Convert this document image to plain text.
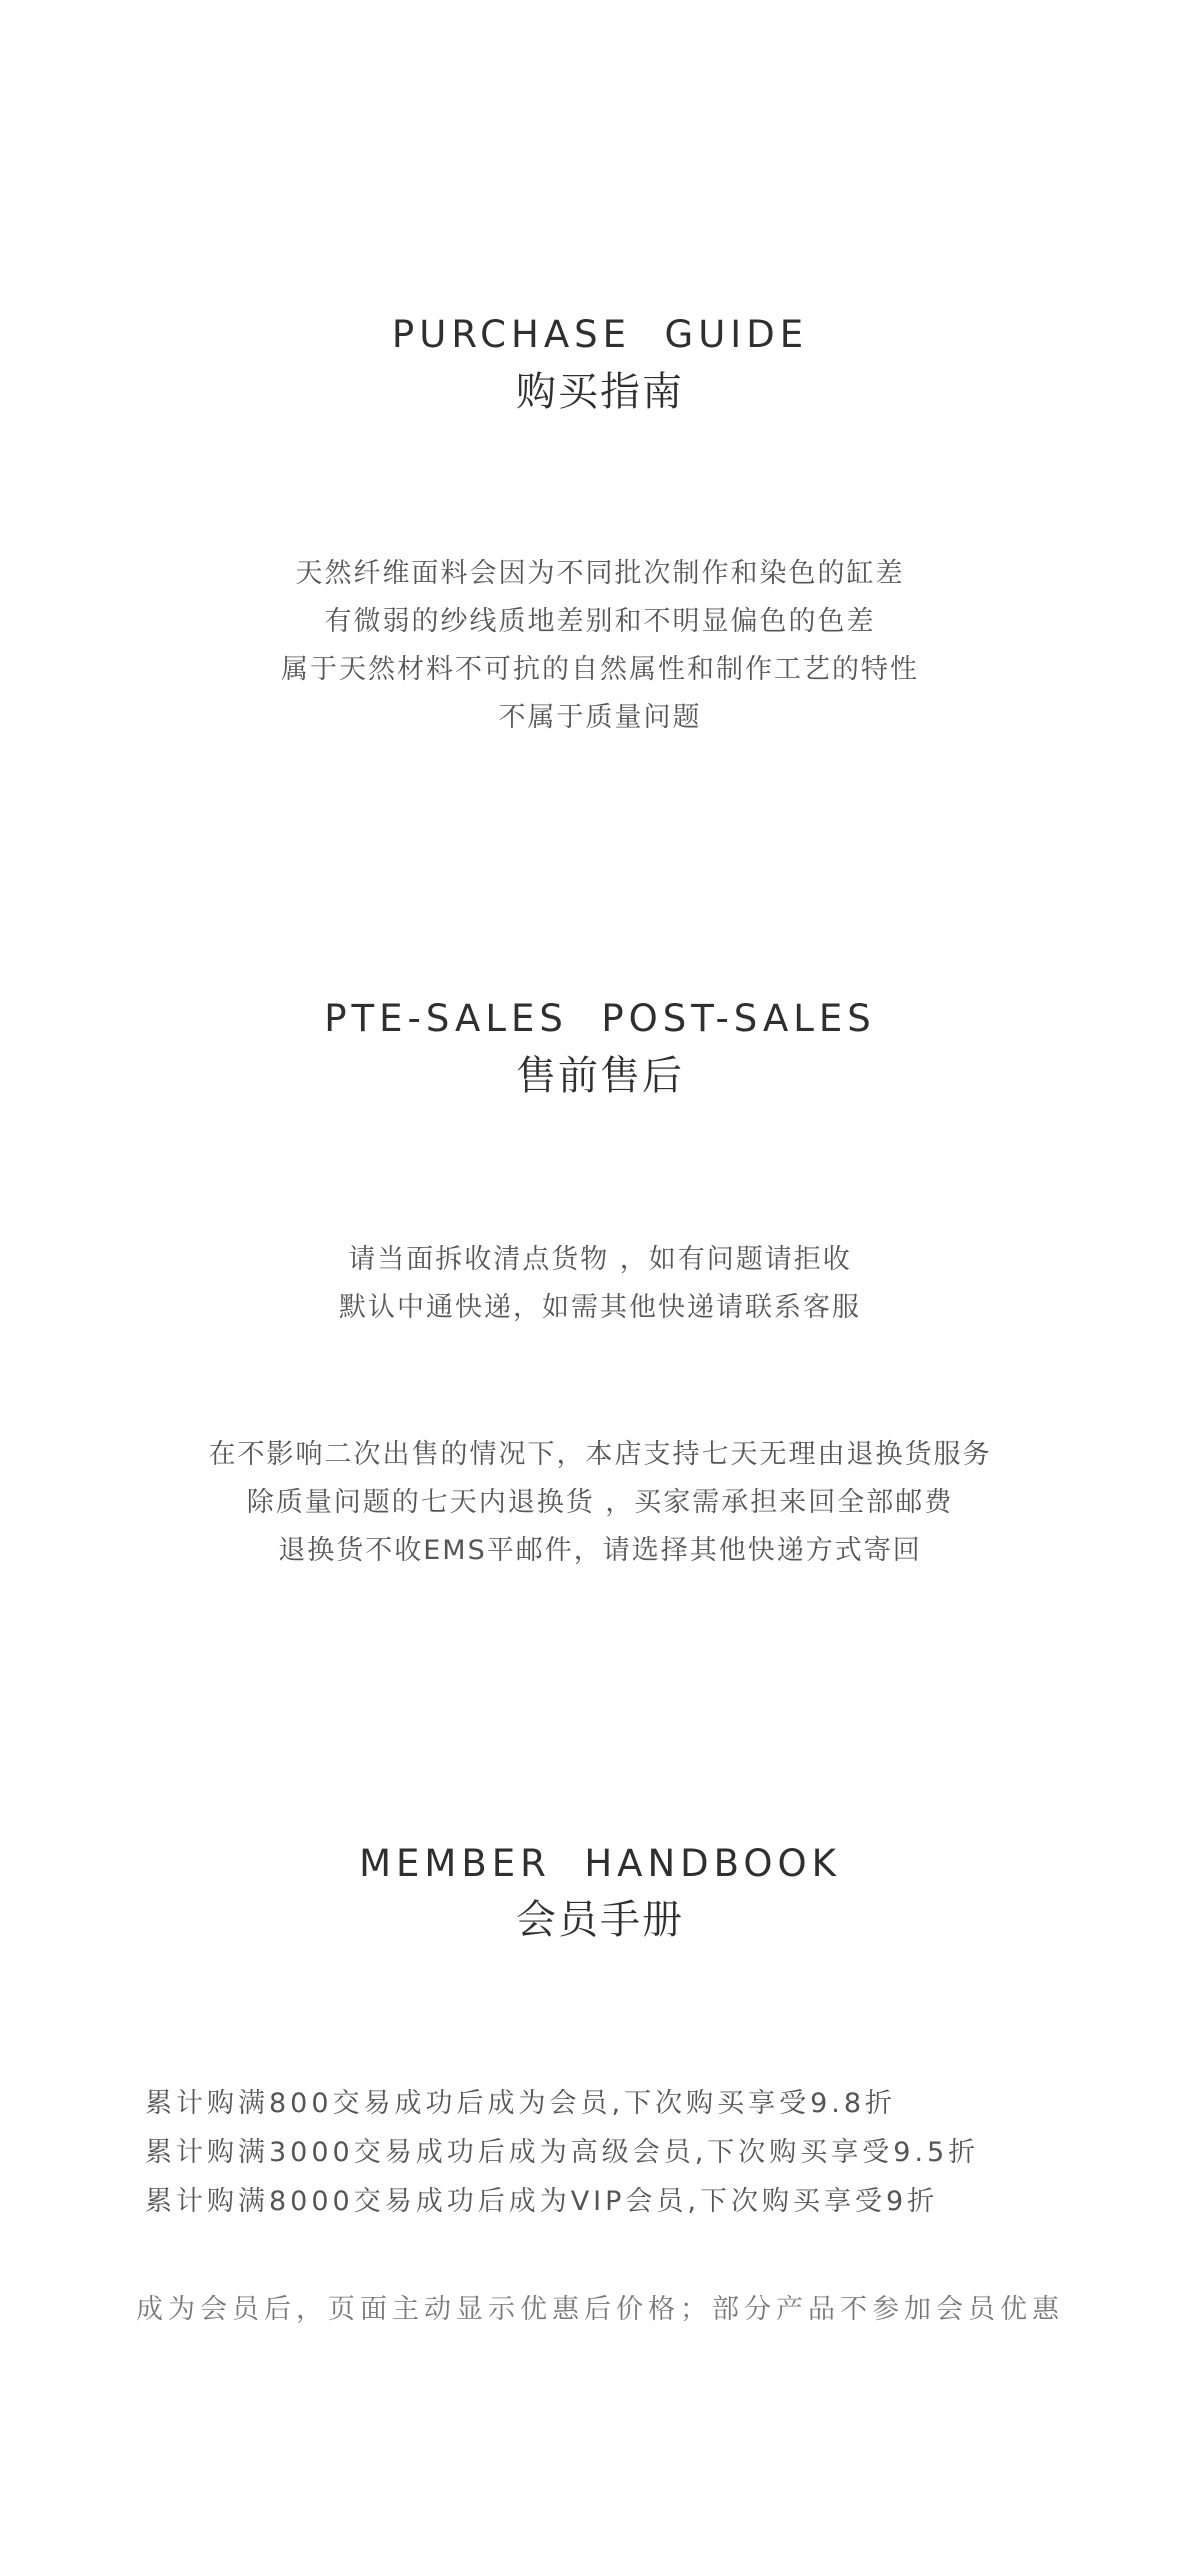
PURCHASE  GUIDE
购买指南
天然纤维面料会因为不同批次制作和染色的缸差
有微弱的纱线质地差别和不明显偏色的色差
属于天然材料不可抗的自然属性和制作工艺的特性
不属于质量问题
PTE-SALES  POST-SALES
售前售后
请当面拆收清点货物 ，如有问题请拒收
默认中通快递，如需其他快递请联系客服
在不影响二次出售的情况下，本店支持七天无理由退换货服务
除质量问题的七天内退换货 ，买家需承担来回全部邮费
退换货不收EMS平邮件，请选择其他快递方式寄回
MEMBER  HANDBOOK
会员手册
累计购满800交易成功后成为会员,下次购买享受9.8折
累计购满3000交易成功后成为高级会员,下次购买享受9.5折
累计购满8000交易成功后成为VIP会员,下次购买享受9折
成为会员后，页面主动显示优惠后价格；部分产品不参加会员优惠
